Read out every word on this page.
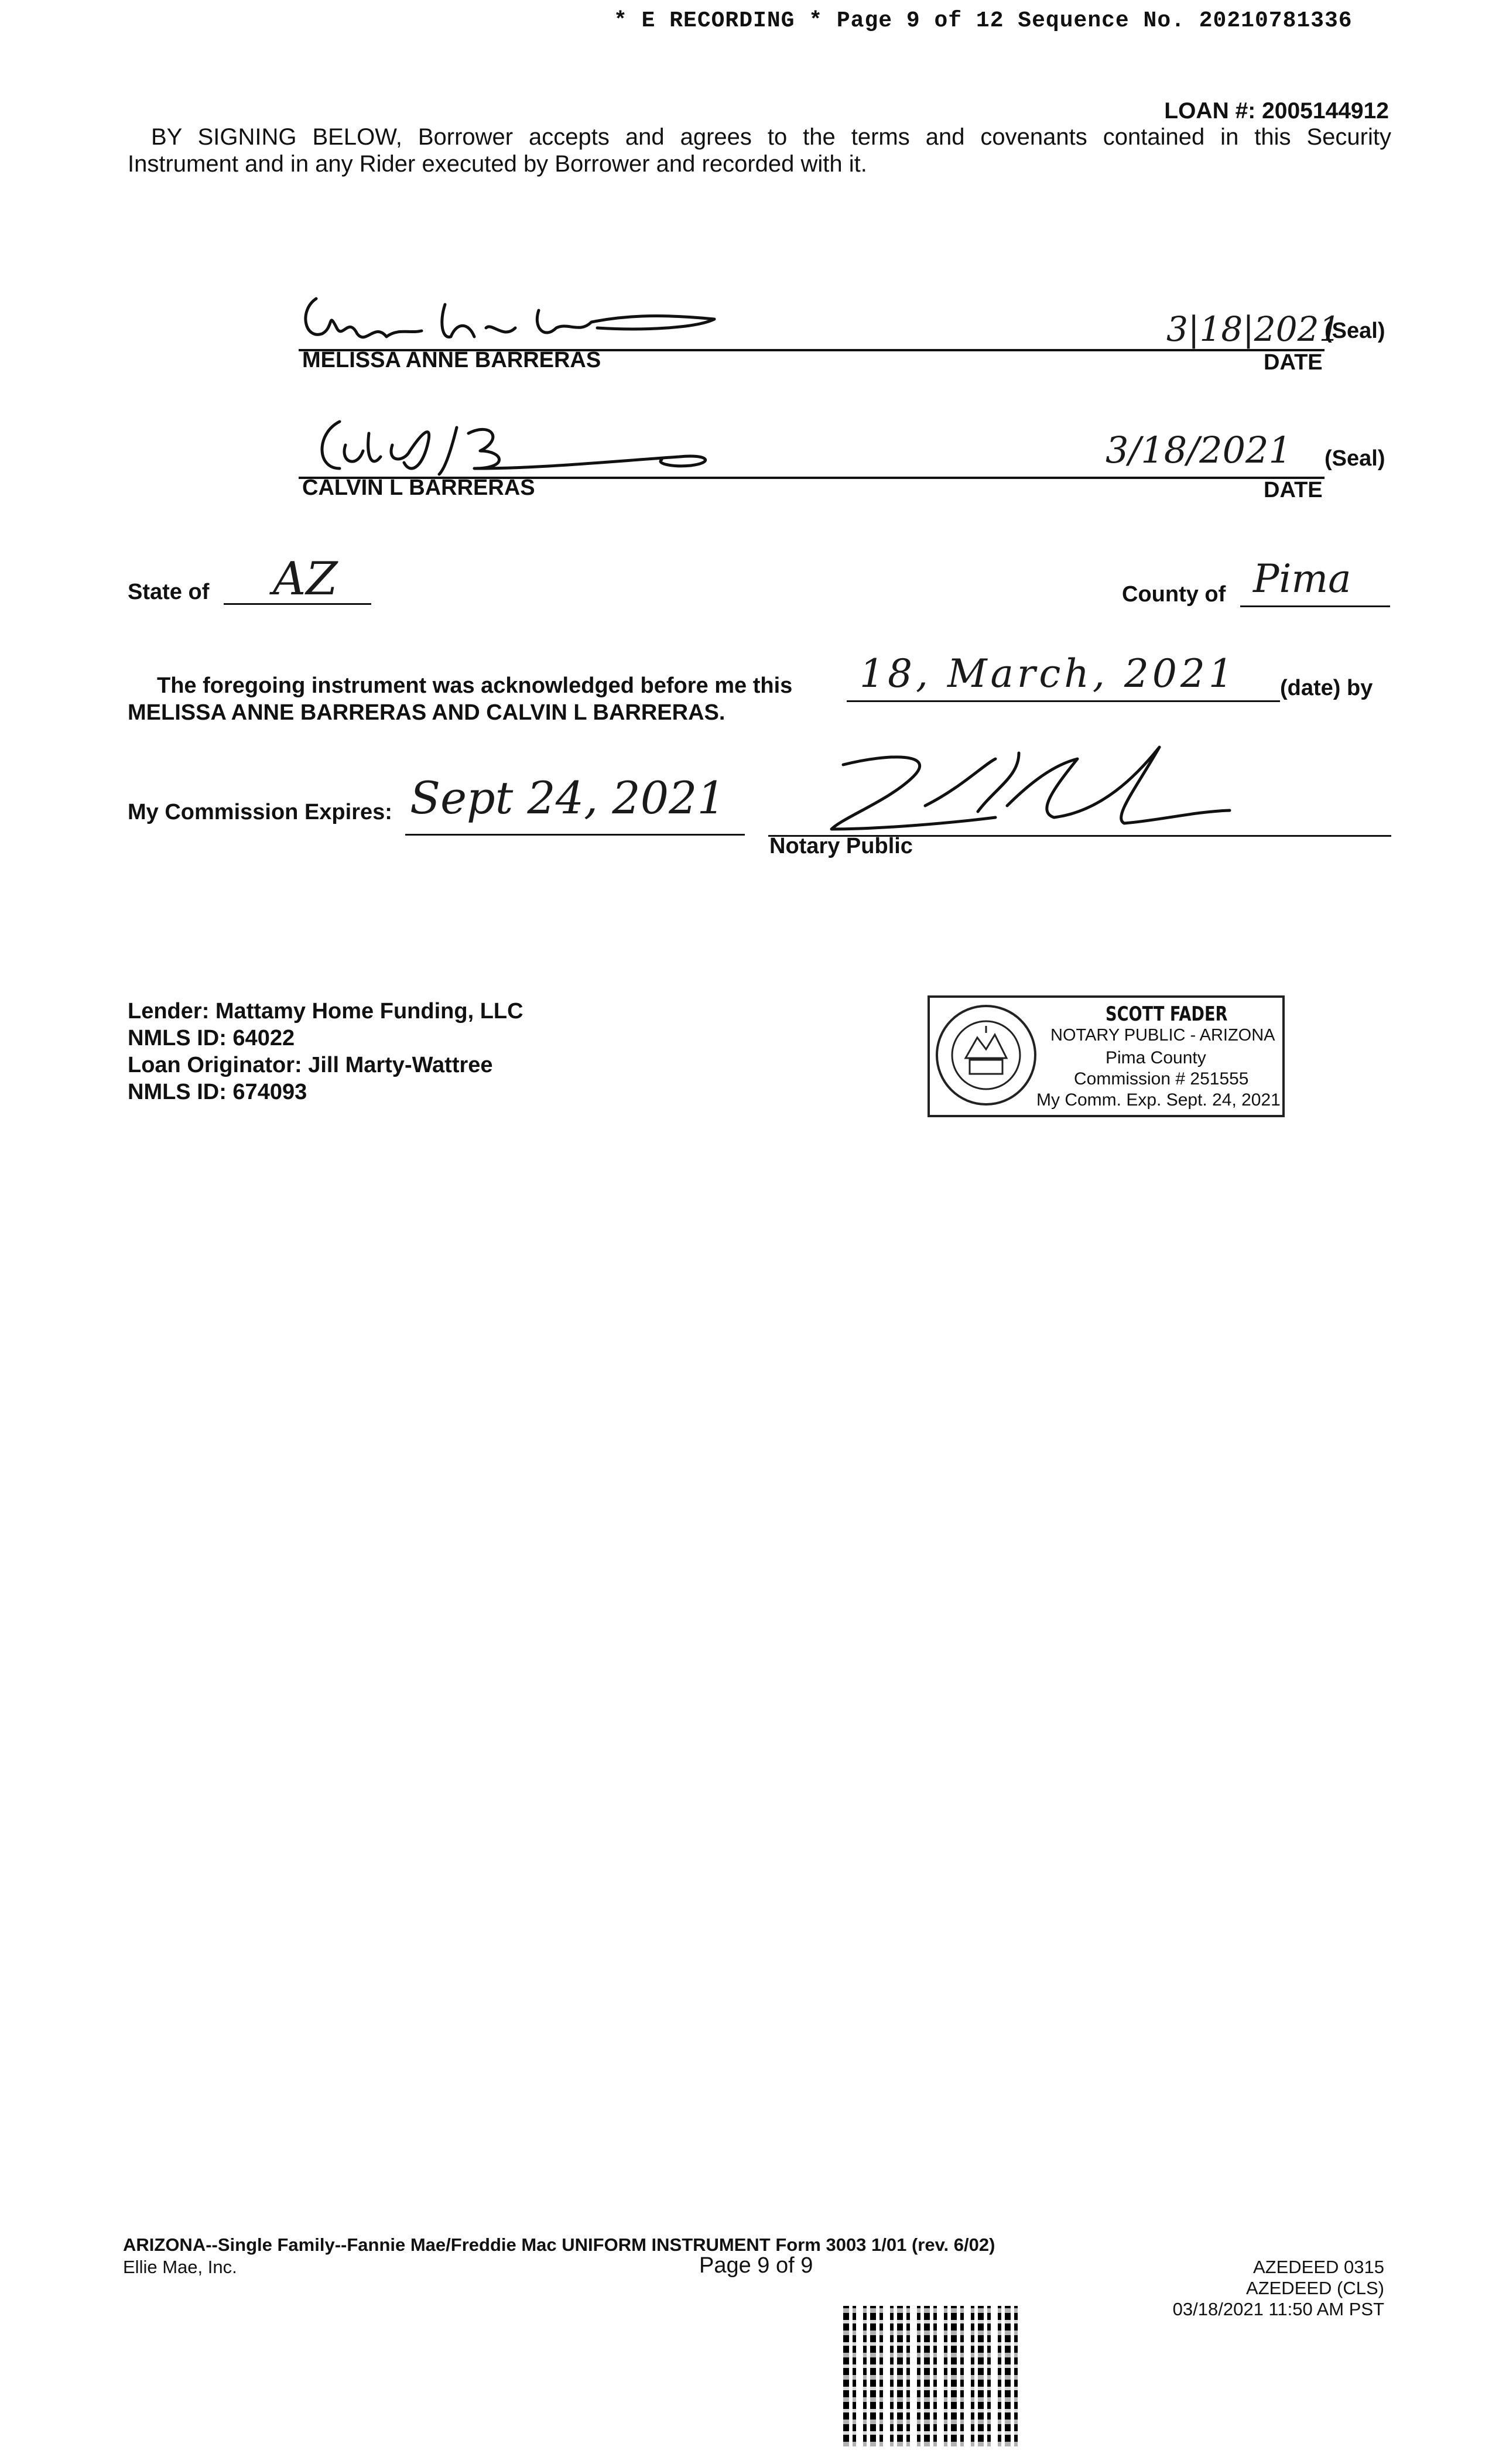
* E RECORDING * Page 9 of 12 Sequence No. 20210781336
LOAN #: 2005144912
BY SIGNING BELOW, Borrower accepts and agrees to the terms and covenants contained in this Security
Instrument and in any Rider executed by Borrower and recorded with it.
MELISSA ANNE BARRERAS
3|18|2021
(Seal)
DATE
CALVIN L BARRERAS
3/18/2021 (Seal)
DATE
State of AZ	County of Pima
The foregoing instrument was acknowledged before me this 18, March, 2021 (date) by
MELISSA ANNE BARRERAS AND CALVIN L BARRERAS.
My Commission Expires: Sept 24, 2021
Notary Public
Lender: Mattamy Home Funding, LLC
NMLS ID: 64022
Loan Originator: Jill Marty-Wattree
NMLS ID: 674093
SCOTT FADER
NOTARY PUBLIC - ARIZONA
Pima County
Commission # 251555
My Comm. Exp. Sept. 24, 2021
ARIZONA--Single Family--Fannie Mae/Freddie Mac UNIFORM INSTRUMENT Form 3003 1/01 (rev. 6/02)
Ellie Mae, Inc.	Page 9 of 9	AZEDEED 0315
AZEDEED (CLS)
03/18/2021 11:50 AM PST
